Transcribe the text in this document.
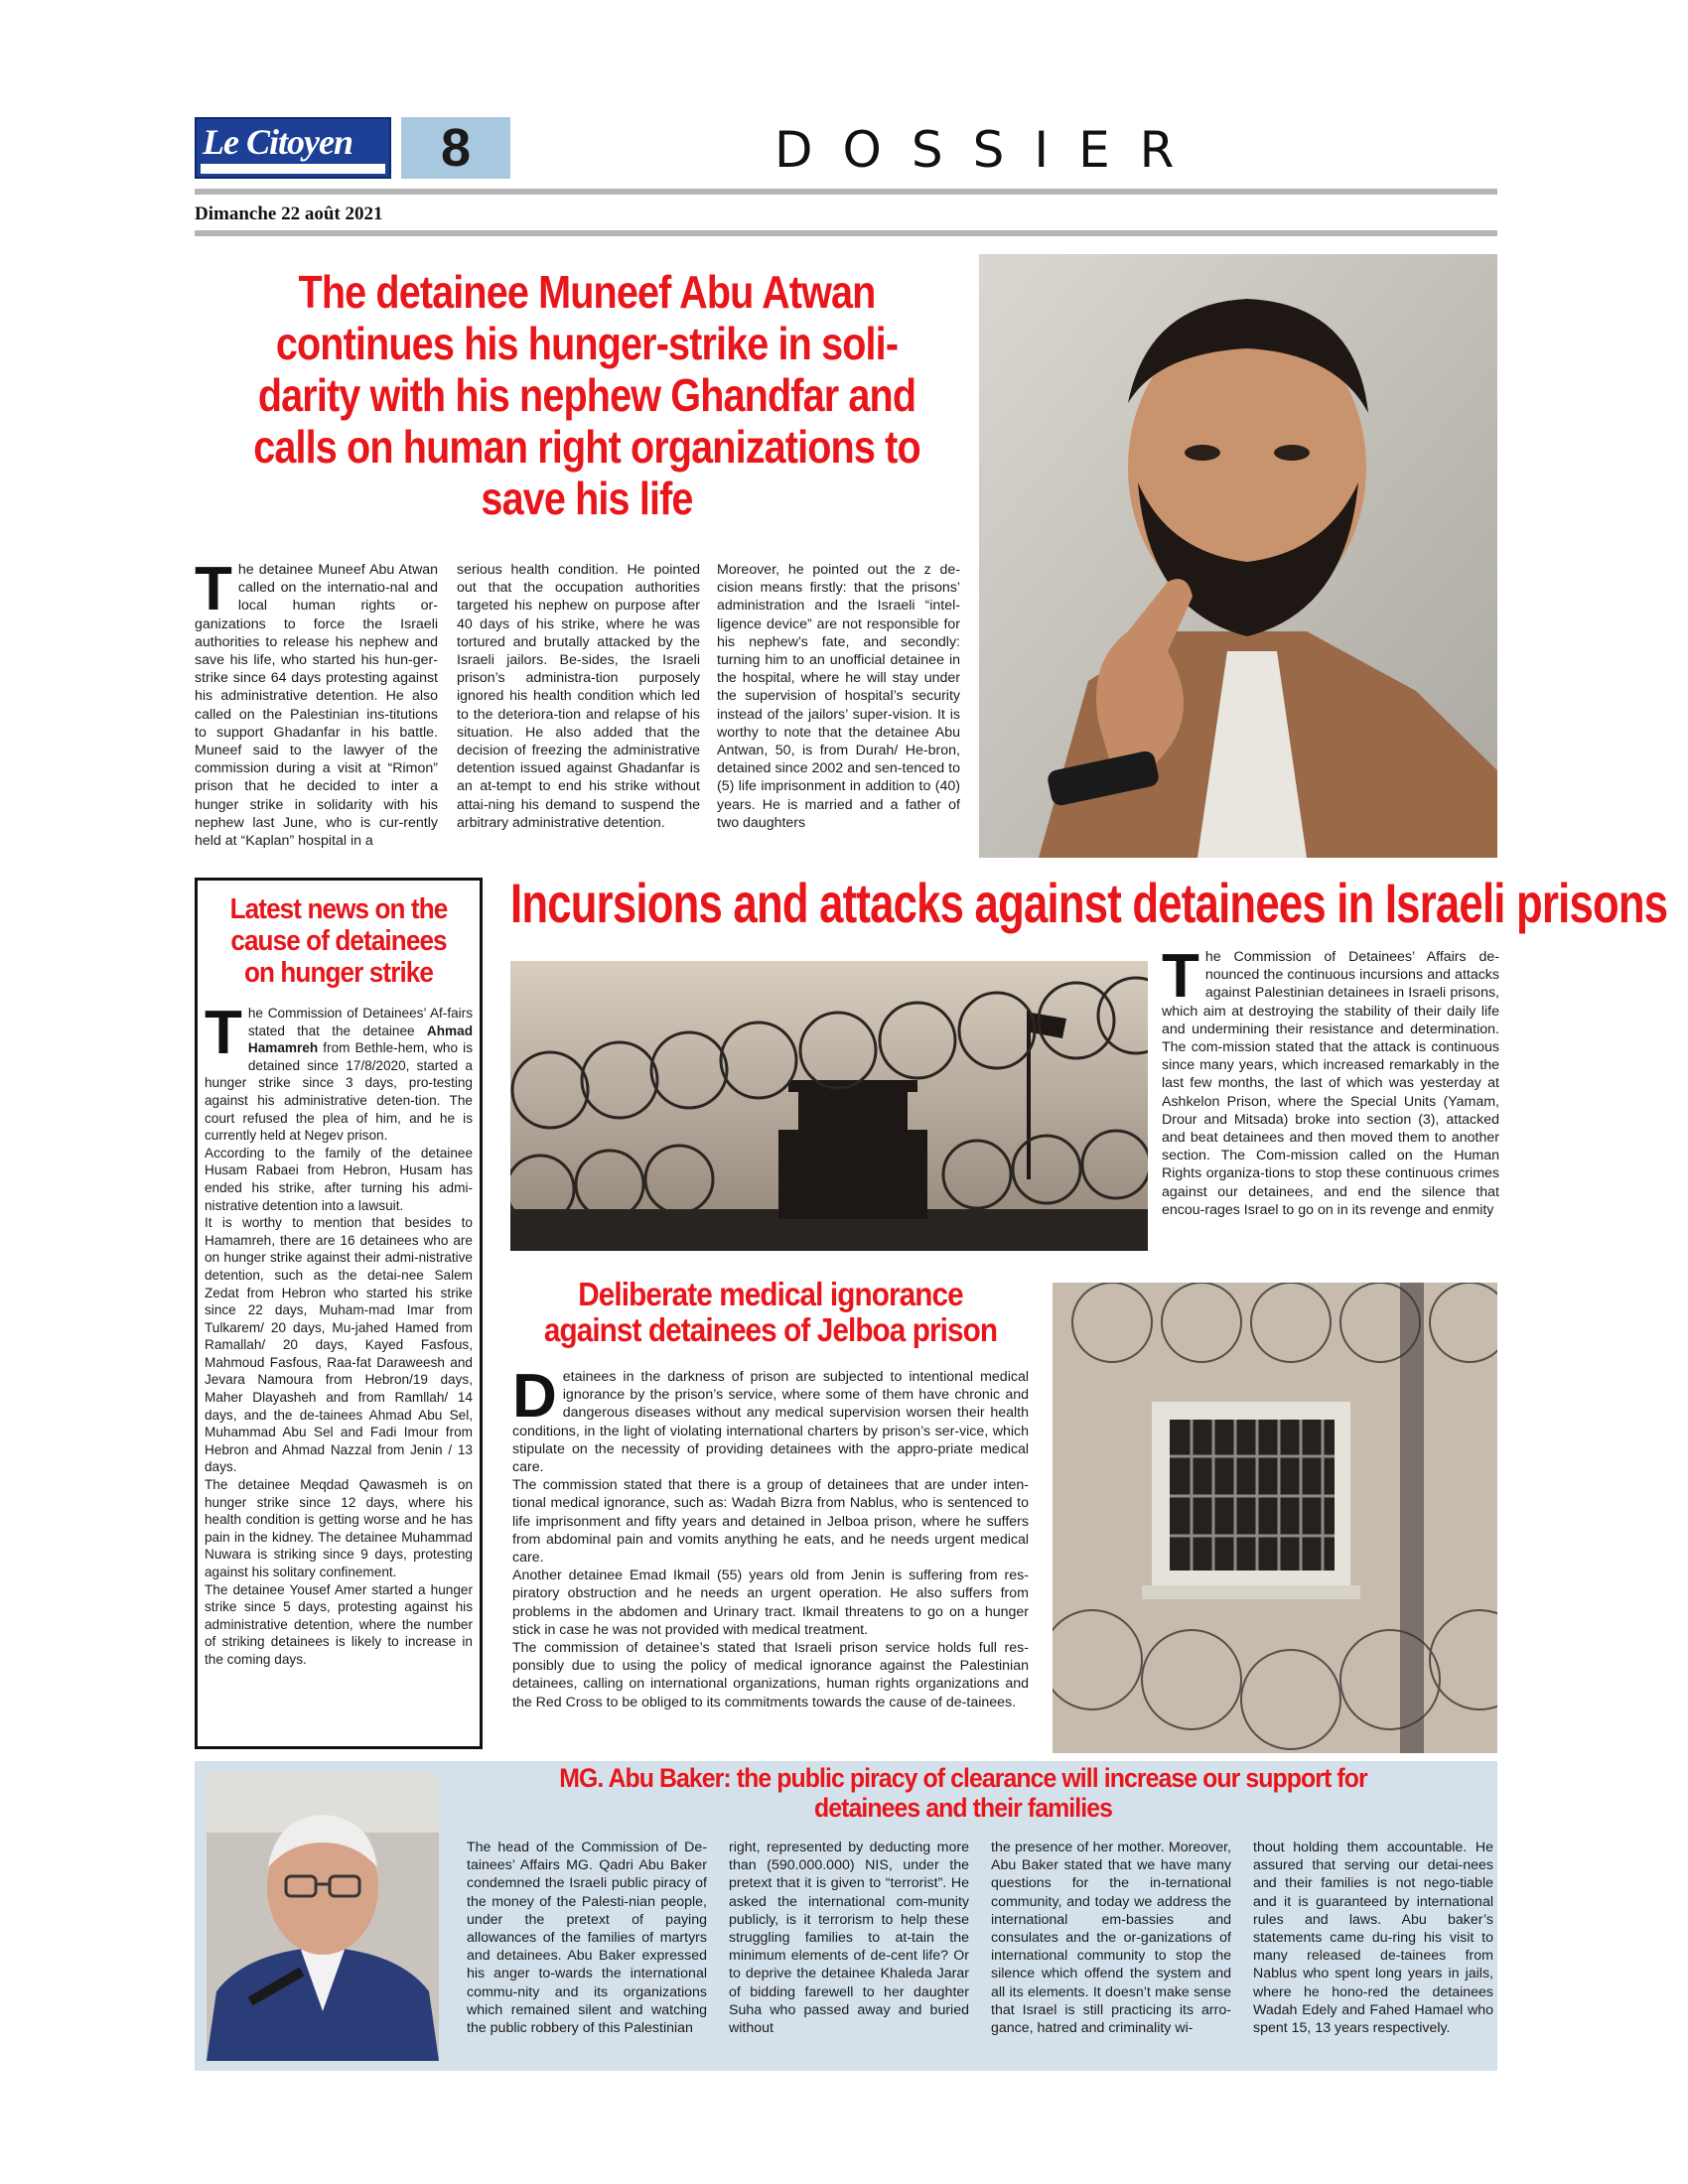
Le Citoyen	8	DOSSIER
Dimanche 22 août 2021
The detainee Muneef Abu Atwan continues his hunger-strike in soli-darity with his nephew Ghandfar and calls on human right organizations to save his life
The detainee Muneef Abu Atwan called on the internatio-nal and local human rights or-ganizations to force the Israeli authorities to release his nephew and save his life, who started his hun-ger-strike since 64 days protesting against his administrative detention. He also called on the Palestinian ins-titutions to support Ghadanfar in his battle. Muneef said to the lawyer of the commission during a visit at “Rimon” prison that he decided to inter a hunger strike in solidarity with his nephew last June, who is cur-rently held at “Kaplan” hospital in a
serious health condition. He pointed out that the occupation authorities targeted his nephew on purpose after 40 days of his strike, where he was tortured and brutally attacked by the Israeli jailors. Be-sides, the Israeli prison’s administra-tion purposely ignored his health condition which led to the deteriora-tion and relapse of his situation. He also added that the decision of freezing the administrative detention issued against Ghadanfar is an at-tempt to end his strike without attai-ning his demand to suspend the arbitrary administrative detention.
Moreover, he pointed out the z de-cision means firstly: that the prisons’ administration and the Israeli “intel-ligence device” are not responsible for his nephew’s fate, and secondly: turning him to an unofficial detainee in the hospital, where he will stay under the supervision of hospital’s security instead of the jailors’ super-vision. It is worthy to note that the detainee Abu Antwan, 50, is from Durah/ He-bron, detained since 2002 and sen-tenced to (5) life imprisonment in addition to (40) years. He is married and a father of two daughters
Latest news on the cause of detainees on hunger strike

The Commission of Detainees’ Af-fairs stated that the detainee Ahmad Hamamreh from Bethle-hem, who is detained since 17/8/2020, started a hunger strike since 3 days, pro-testing against his administrative deten-tion. The court refused the plea of him, and he is currently held at Negev prison.

According to the family of the detainee Husam Rabaei from Hebron, Husam has ended his strike, after turning his admi-nistrative detention into a lawsuit.

It is worthy to mention that besides to Hamamreh, there are 16 detainees who are on hunger strike against their admi-nistrative detention, such as the detai-nee Salem Zedat from Hebron who started his strike since 22 days, Muham-mad Imar from Tulkarem/ 20 days, Mu-jahed Hamed from Ramallah/ 20 days, Kayed Fasfous, Mahmoud Fasfous, Raa-fat Daraweesh and Jevara Namoura from Hebron/19 days, Maher Dlayasheh and from Ramllah/ 14 days, and the de-tainees Ahmad Abu Sel, Muhammad Abu Sel and Fadi Imour from Hebron and Ahmad Nazzal from Jenin / 13 days.

The detainee Meqdad Qawasmeh is on hunger strike since 12 days, where his health condition is getting worse and he has pain in the kidney. The detainee Muhammad Nuwara is striking since 9 days, protesting against his solitary confinement.

The detainee Yousef Amer started a hunger strike since 5 days, protesting against his administrative detention, where the number of striking detainees is likely to increase in the coming days.

Incursions and attacks against detainees in Israeli prisons
The Commission of Detainees’ Affairs de-nounced the continuous incursions and attacks against Palestinian detainees in Israeli prisons, which aim at destroying the stability of their daily life and undermining their resistance and determination. The com-mission stated that the attack is continuous since many years, which increased remarkably in the last few months, the last of which was yesterday at Ashkelon Prison, where the Special Units (Yamam, Drour and Mitsada) broke into section (3), attacked and beat detainees and then moved them to another section. The Com-mission called on the Human Rights organiza-tions to stop these continuous crimes against our detainees, and end the silence that encou-rages Israel to go on in its revenge and enmity
Deliberate medical ignorance against detainees of Jelboa prison

Detainees in the darkness of prison are subjected to intentional medical ignorance by the prison’s service, where some of them have chronic and dangerous diseases without any medical supervision worsen their health conditions, in the light of violating international charters by prison’s ser-vice, which stipulate on the necessity of providing detainees with the appro-priate medical care.

The commission stated that there is a group of detainees that are under inten-tional medical ignorance, such as: Wadah Bizra from Nablus, who is sentenced to life imprisonment and fifty years and detained in Jelboa prison, where he suffers from abdominal pain and vomits anything he eats, and he needs urgent medical care.

Another detainee Emad Ikmail (55) years old from Jenin is suffering from res-piratory obstruction and he needs an urgent operation. He also suffers from problems in the abdomen and Urinary tract. Ikmail threatens to go on a hunger stick in case he was not provided with medical treatment.

The commission of detainee’s stated that Israeli prison service holds full res-ponsibly due to using the policy of medical ignorance against the Palestinian detainees, calling on international organizations, human rights organizations and the Red Cross to be obliged to its commitments towards the cause of de-tainees.

MG. Abu Baker: the public piracy of clearance will increase our support for detainees and their families
The head of the Commission of De-tainees’ Affairs MG. Qadri Abu Baker condemned the Israeli public piracy of the money of the Palesti-nian people, under the pretext of paying allowances of the families of martyrs and detainees. Abu Baker expressed his anger to-wards the international commu-nity and its organizations which remained silent and watching the public robbery of this Palestinian
right, represented by deducting more than (590.000.000) NIS, under the pretext that it is given to “terrorist”. He asked the international com-munity publicly, is it terrorism to help these struggling families to at-tain the minimum elements of de-cent life? Or to deprive the detainee Khaleda Jarar of bidding farewell to her daughter Suha who passed away and buried without
the presence of her mother. Moreover, Abu Baker stated that we have many questions for the in-ternational community, and today we address the international em-bassies and consulates and the or-ganizations of international community to stop the silence which offend the system and all its elements. It doesn’t make sense that Israel is still practicing its arro-gance, hatred and criminality wi-
thout holding them accountable. He assured that serving our detai-nees and their families is not nego-tiable and it is guaranteed by international rules and laws. Abu baker’s statements came du-ring his visit to many released de-tainees from Nablus who spent long years in jails, where he hono-red the detainees Wadah Edely and Fahed Hamael who spent 15, 13 years respectively.
